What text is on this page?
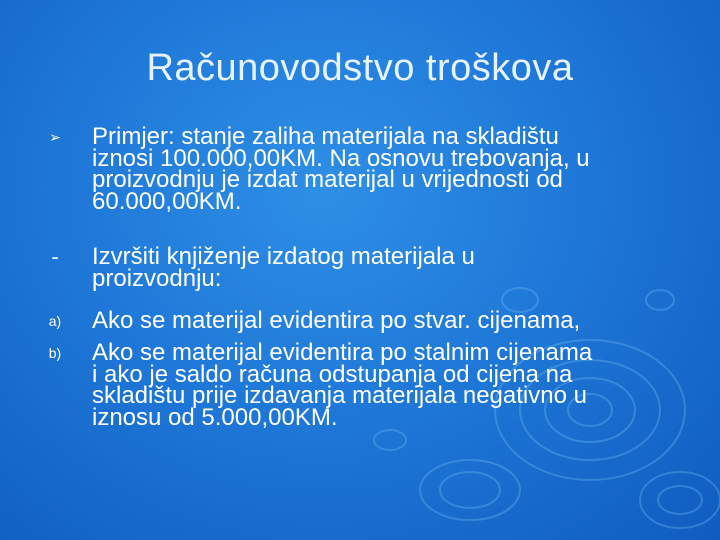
Računovodstvo troškova
➢	Primjer: stanje zaliha materijala na skladištu
iznosi 100.000,00KM. Na osnovu trebovanja, u
proizvodnju je izdat materijal u vrijednosti od
60.000,00KM.
-	Izvršiti knjiženje izdatog materijala u
proizvodnju:
a)	Ako se materijal evidentira po stvar. cijenama,
b)	Ako se materijal evidentira po stalnim cijenama
i ako je saldo računa odstupanja od cijena na
skladištu prije izdavanja materijala negativno u
iznosu od 5.000,00KM.
